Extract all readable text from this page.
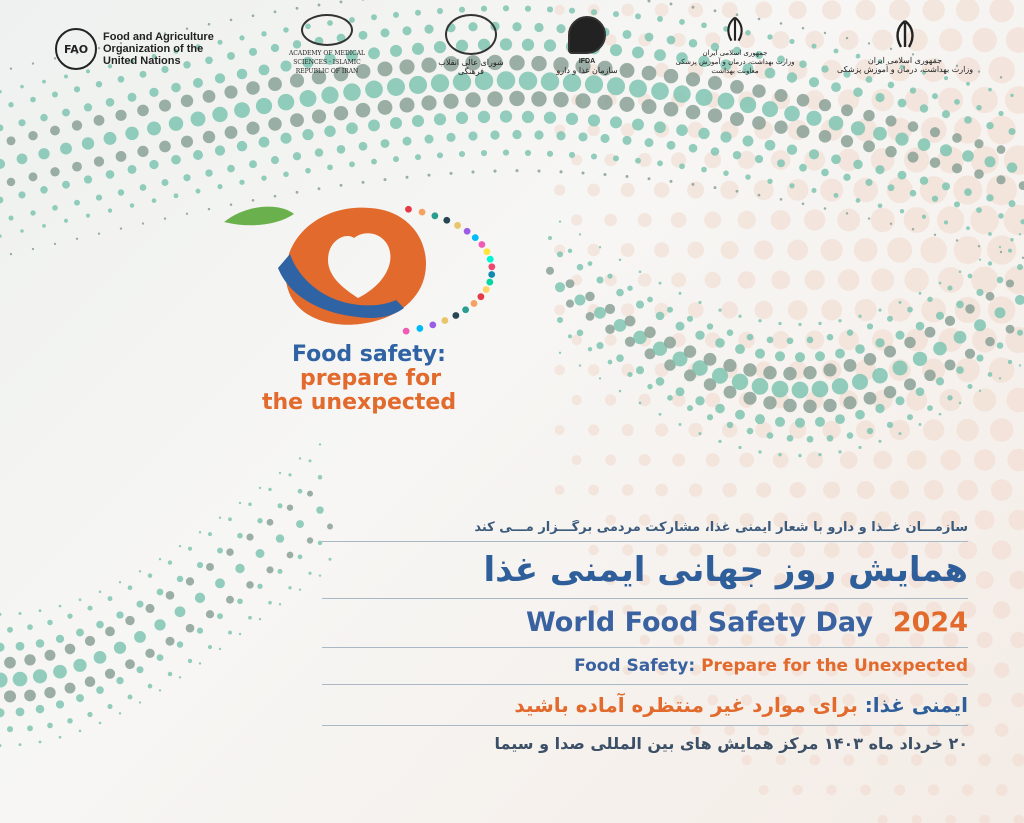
FAO
Food and Agriculture
Organization of the
United Nations
ACADEMY OF MEDICAL SCIENCES · ISLAMIC REPUBLIC OF IRAN
شورای عالی انقلاب فرهنگی
IFDA
سازمان غذا و دارو
جمهوری اسلامی ایران
وزارت بهداشت، درمان و آموزش پزشکی
معاونت بهداشت
جمهوری اسلامی ایران
وزارت بهداشت، درمان و آموزش پزشکی
Food safety:
prepare for
the unexpected
سازمـــان غــذا و دارو با شعار ایمنی غذا، مشارکت مردمی برگـــزار مـــی کند
همایش روز جهانی ایمنی غذا
World Food Safety Day 2024
Food Safety: Prepare for the Unexpected
ایمنی غذا: برای موارد غیر منتظره آماده باشید
۲۰ خرداد ماه ۱۴۰۳ مرکز همایش های بین المللی صدا و سیما
